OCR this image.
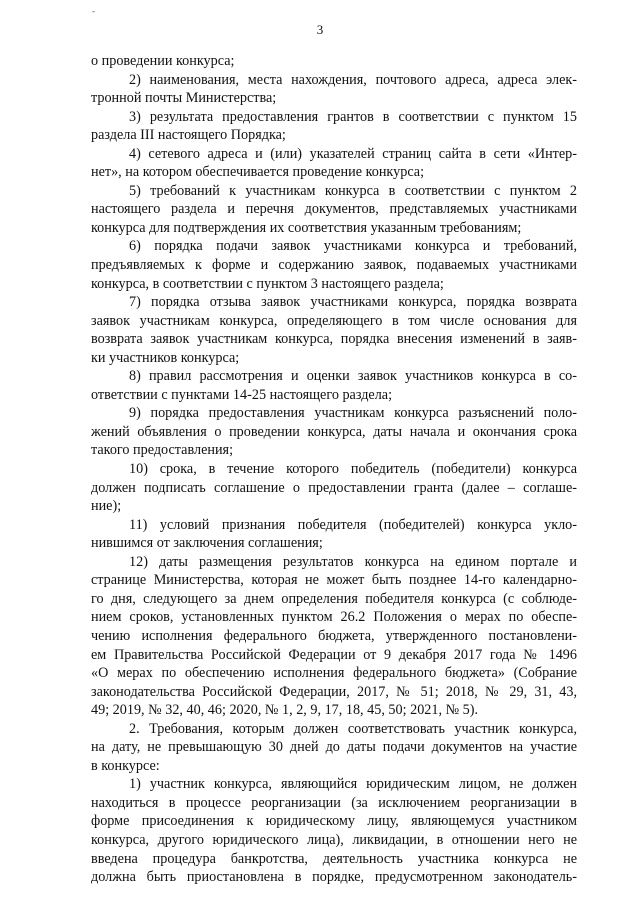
-
3
о проведении конкурса;
2) наименования, места нахождения, почтового адреса, адреса элек-
тронной почты Министерства;
3) результата предоставления грантов в соответствии с пунктом 15
раздела III настоящего Порядка;
4) сетевого адреса и (или) указателей страниц сайта в сети «Интер-
нет», на котором обеспечивается проведение конкурса;
5) требований к участникам конкурса в соответствии с пунктом 2
настоящего раздела и перечня документов, представляемых участниками
конкурса для подтверждения их соответствия указанным требованиям;
6) порядка подачи заявок участниками конкурса и требований,
предъявляемых к форме и содержанию заявок, подаваемых участниками
конкурса, в соответствии с пунктом 3 настоящего раздела;
7) порядка отзыва заявок участниками конкурса, порядка возврата
заявок участникам конкурса, определяющего в том числе основания для
возврата заявок участникам конкурса, порядка внесения изменений в заяв-
ки участников конкурса;
8) правил рассмотрения и оценки заявок участников конкурса в со-
ответствии с пунктами 14-25 настоящего раздела;
9) порядка предоставления участникам конкурса разъяснений поло-
жений объявления о проведении конкурса, даты начала и окончания срока
такого предоставления;
10) срока, в течение которого победитель (победители) конкурса
должен подписать соглашение о предоставлении гранта (далее – соглаше-
ние);
11) условий признания победителя (победителей) конкурса укло-
нившимся от заключения соглашения;
12) даты размещения результатов конкурса на едином портале и
странице Министерства, которая не может быть позднее 14-го календарно-
го дня, следующего за днем определения победителя конкурса (с соблюде-
нием сроков, установленных пунктом 26.2 Положения о мерах по обеспе-
чению исполнения федерального бюджета, утвержденного постановлени-
ем Правительства Российской Федерации от 9 декабря 2017 года № 1496
«О мерах по обеспечению исполнения федерального бюджета» (Собрание
законодательства Российской Федерации, 2017, № 51; 2018, № 29, 31, 43,
49; 2019, № 32, 40, 46; 2020, № 1, 2, 9, 17, 18, 45, 50; 2021, № 5).
2. Требования, которым должен соответствовать участник конкурса,
на дату, не превышающую 30 дней до даты подачи документов на участие
в конкурсе:
1) участник конкурса, являющийся юридическим лицом, не должен
находиться в процессе реорганизации (за исключением реорганизации в
форме присоединения к юридическому лицу, являющемуся участником
конкурса, другого юридического лица), ликвидации, в отношении него не
введена процедура банкротства, деятельность участника конкурса не
должна быть приостановлена в порядке, предусмотренном законодатель-
